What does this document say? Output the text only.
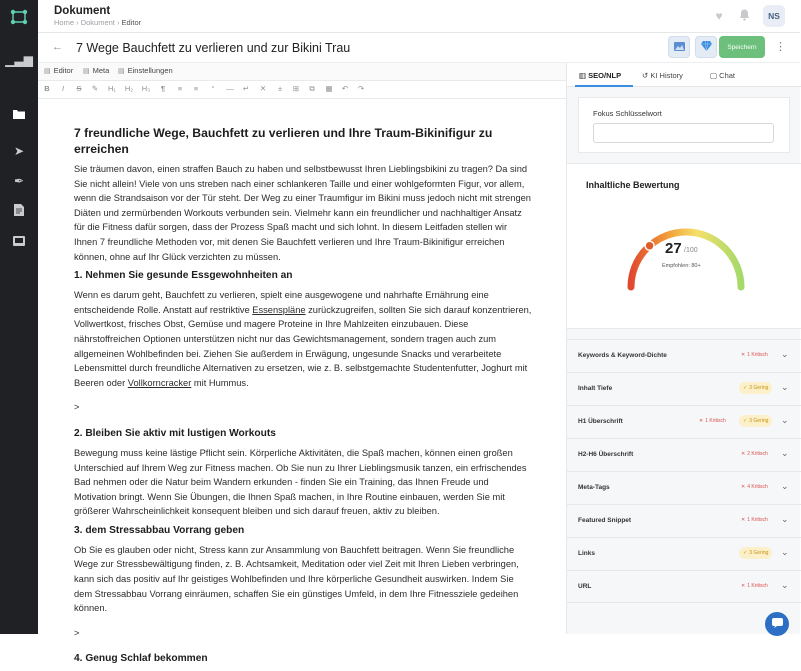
▁▃▆
➤
✒
Dokument
Home › Dokument › Editor	♥	NS
← 7 Wege Bauchfett zu verlieren und zur Bikini Trau	Speichern	⋮
▤ Editor ▤ Meta ▤ Einstellungen
B	I	S	✎	H₁ H₂ H₃	¶	≡	≡	“	—	↵	✕	±	⊞	⧉	▦	↶	↷
7 freundliche Wege, Bauchfett zu verlieren und Ihre Traum-Bikinifigur zu erreichen

Sie träumen davon, einen straffen Bauch zu haben und selbstbewusst Ihren Lieblingsbikini zu tragen? Da sind Sie nicht allein! Viele von uns streben nach einer schlankeren Taille und einer wohlgeformten Figur, vor allem, wenn die Strandsaison vor der Tür steht. Der Weg zu einer Traumfigur im Bikini muss jedoch nicht mit strengen Diäten und zermürbenden Workouts verbunden sein. Vielmehr kann ein freundlicher und nachhaltiger Ansatz für die Fitness dafür sorgen, dass der Prozess Spaß macht und sich lohnt. In diesem Leitfaden stellen wir Ihnen 7 freundliche Methoden vor, mit denen Sie Bauchfett verlieren und Ihre Traum-Bikinifigur erreichen können, ohne auf Ihr Glück verzichten zu müssen.

1. Nehmen Sie gesunde Essgewohnheiten an

Wenn es darum geht, Bauchfett zu verlieren, spielt eine ausgewogene und nahrhafte Ernährung eine entscheidende Rolle. Anstatt auf restriktive Essenspläne zurückzugreifen, sollten Sie sich darauf konzentrieren, Vollwertkost, frisches Obst, Gemüse und magere Proteine in Ihre Mahlzeiten einzubauen. Diese nährstoffreichen Optionen unterstützen nicht nur das Gewichtsmanagement, sondern tragen auch zum allgemeinen Wohlbefinden bei. Ziehen Sie außerdem in Erwägung, ungesunde Snacks und verarbeitete Lebensmittel durch freundliche Alternativen zu ersetzen, wie z. B. selbstgemachte Studentenfutter, Joghurt mit Beeren oder Vollkorncracker mit Hummus.

>

2. Bleiben Sie aktiv mit lustigen Workouts

Bewegung muss keine lästige Pflicht sein. Körperliche Aktivitäten, die Spaß machen, können einen großen Unterschied auf Ihrem Weg zur Fitness machen. Ob Sie nun zu Ihrer Lieblingsmusik tanzen, ein erfrischendes Bad nehmen oder die Natur beim Wandern erkunden - finden Sie ein Training, das Ihnen Freude und Motivation bringt. Wenn Sie Übungen, die Ihnen Spaß machen, in Ihre Routine einbauen, werden Sie mit größerer Wahrscheinlichkeit konsequent bleiben und sich darauf freuen, aktiv zu bleiben.

3. dem Stressabbau Vorrang geben

Ob Sie es glauben oder nicht, Stress kann zur Ansammlung von Bauchfett beitragen. Wenn Sie freundliche Wege zur Stressbewältigung finden, z. B. Achtsamkeit, Meditation oder viel Zeit mit Ihren Lieben verbringen, kann sich das positiv auf Ihr geistiges Wohlbefinden und Ihre körperliche Gesundheit auswirken. Indem Sie dem Stressabbau Vorrang einräumen, schaffen Sie ein günstiges Umfeld, in dem Ihre Fitnessziele gedeihen können.

>

4. Genug Schlaf bekommen
▥ SEO/NLP	↺ KI History	▢ Chat
Fokus Schlüsselwort
Inhaltliche Bewertung
27 /100
Empfohlen: 80+
Keywords & Keyword-Dichte	✕ 1 Kritisch ⌄
Inhalt Tiefe	✓ 3 Gering ⌄
H1 Überschrift	✕ 1 Kritisch	✓ 3 Gering ⌄
H2-H6 Überschrift	✕ 2 Kritisch ⌄
Meta-Tags	✕ 4 Kritisch ⌄
Featured Snippet	✕ 1 Kritisch ⌄
Links	✓ 3 Gering ⌄
URL	✕ 1 Kritisch ⌄
